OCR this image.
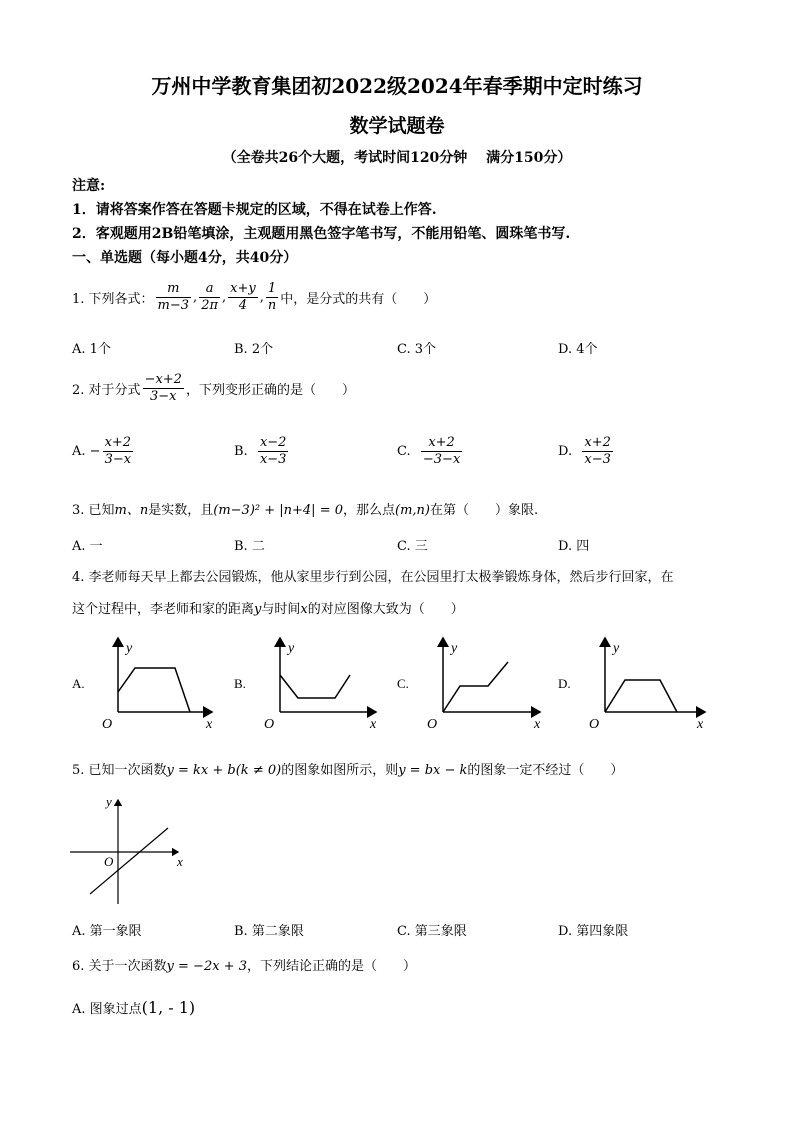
万州中学教育集团初2022级2024年春季期中定时练习
数学试题卷
（全卷共26个大题，考试时间120分钟　 满分150分）
注意:
1．请将答案作答在答题卡规定的区域，不得在试卷上作答.
2．客观题用2B铅笔填涂，主观题用黑色签字笔书写，不能用铅笔、圆珠笔书写.
一、单选题（每小题4分，共40分）
1. 下列各式： $\frac{m}{m-3}$ , $\frac{a}{2\pi}$ , $\frac{x+y}{4}$ , $\frac{1}{n}$ 中，是分式的共有（　　）
A. 1个	B. 2个	C. 3个	D. 4个
2. 对于分式 $\frac{-x+2}{3-x}$ ，下列变形正确的是（　　）
A.
− $\frac{x+2}{3-x}$	B.
$\frac{x-2}{x-3}$	C.
$\frac{x+2}{-3-x}$	D.
$\frac{x+2}{x-3}$
3. 已知m、n是实数，且(m−3)² + |n+4| = 0，那么点(m,n)在第（　　）象限.
A. 一	B. 二	C. 三	D. 四
4. 李老师每天早上都去公园锻炼，他从家里步行到公园，在公园里打太极拳锻炼身体，然后步行回家，在
这个过程中，李老师和家的距离y与时间x的对应图像大致为（　　）
A.
y
x
O
B.
y
x
O
C.
y
x
O
D.
y
x
O
5. 已知一次函数y = kx + b(k ≠ 0)的图象如图所示，则y = bx − k的图象一定不经过（　　）
y
x
O
A. 第一象限	B. 第二象限	C. 第三象限	D. 第四象限
6. 关于一次函数y = −2x + 3，下列结论正确的是（　　）
A. 图象过点(1, - 1)
